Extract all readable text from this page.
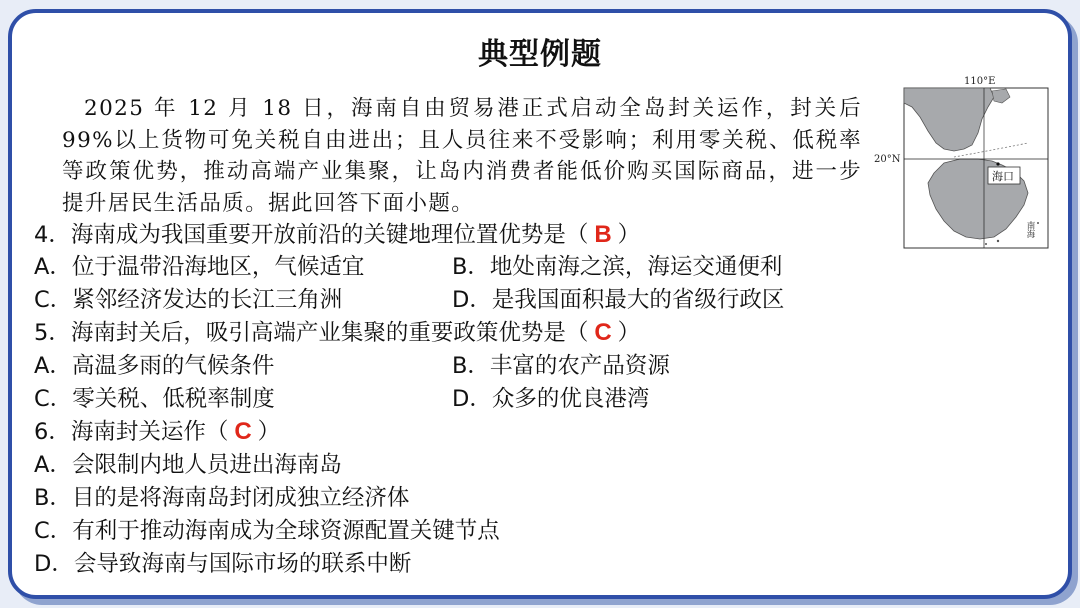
典型例题

2025 年 12 月 18 日，海南自由贸易港正式启动全岛封关运作，封关后 99%以上货物可免关税自由进出；且人员往来不受影响；利用零关税、低税率等政策优势，推动高端产业集聚，让岛内消费者能低价购买国际商品，进一步提升居民生活品质。据此回答下面小题。

4．海南成为我国重要开放前沿的关键地理位置优势是（ B ）
A．位于温带沿海地区，气候适宜	B．地处南海之滨，海运交通便利
C．紧邻经济发达的长江三角洲	D．是我国面积最大的省级行政区
5．海南封关后，吸引高端产业集聚的重要政策优势是（ C ）
A．高温多雨的气候条件	B．丰富的农产品资源
C．零关税、低税率制度	D．众多的优良港湾
6．海南封关运作（ C ）
A．会限制内地人员进出海南岛
B．目的是将海南岛封闭成独立经济体
C．有利于推动海南成为全球资源配置关键节点
D．会导致海南与国际市场的联系中断
110°E
20°N
海口
南海
